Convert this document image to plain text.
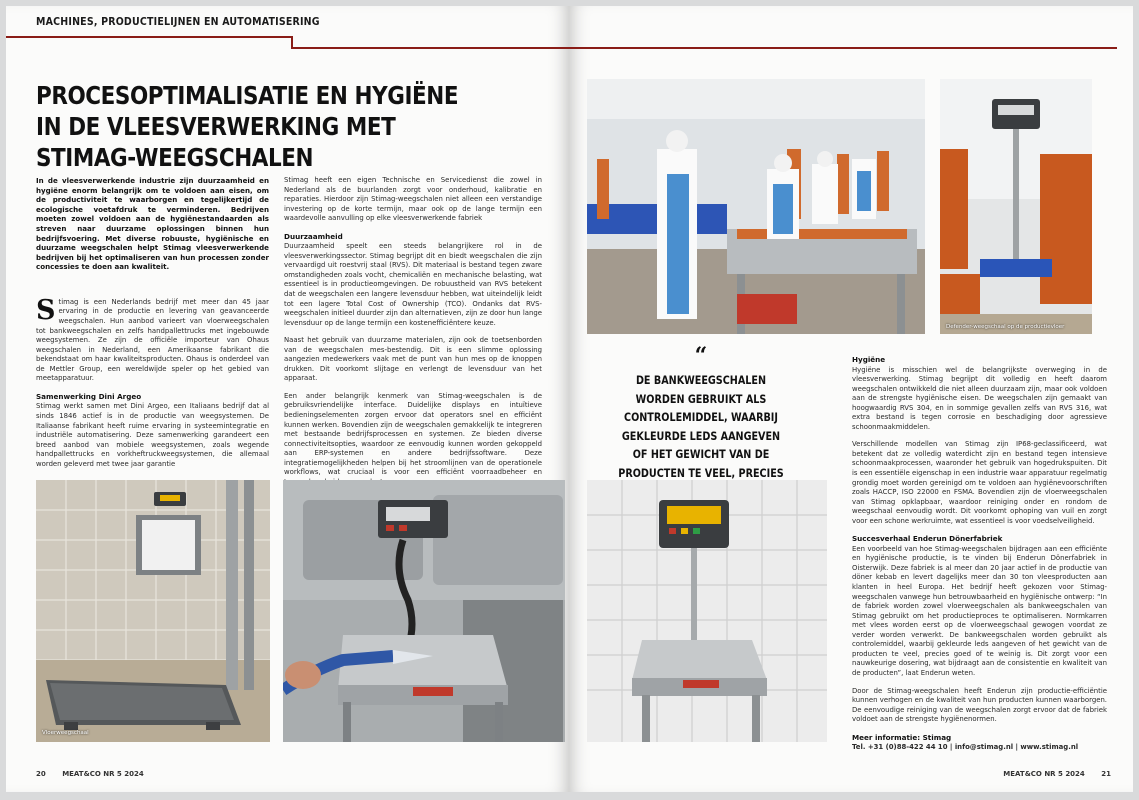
MACHINES, PRODUCTIELIJNEN EN AUTOMATISERING
PROCESOPTIMALISATIE EN HYGIËNE IN DE VLEESVERWERKING MET STIMAG-WEEGSCHALEN

In de vleesverwerkende industrie zijn duurzaamheid en hygiëne enorm belangrijk om te voldoen aan eisen, om de productiviteit te waarborgen en tegelijkertijd de ecologische voetafdruk te verminderen. Bedrijven moeten zowel voldoen aan de hygiënestandaarden als streven naar duurzame oplossingen binnen hun bedrijfsvoering. Met diverse robuuste, hygiënische en duurzame weegschalen helpt Stimag vleesverwerkende bedrijven bij het optimaliseren van hun processen zonder concessies te doen aan kwaliteit.

Stimag is een Nederlands bedrijf met meer dan 45 jaar ervaring in de productie en levering van geavanceerde weegschalen. Hun aanbod varieert van vloerweegschalen tot bankweegschalen en zelfs handpallettrucks met ingebouwde weegsystemen. Ze zijn de officiële importeur van Ohaus weegschalen in Nederland, een Amerikaanse fabrikant die bekendstaat om haar kwaliteitsproducten. Ohaus is onderdeel van de Mettler Group, een wereldwijde speler op het gebied van meetapparatuur.

Samenwerking Dini Argeo

Stimag werkt samen met Dini Argeo, een Italiaans bedrijf dat al sinds 1846 actief is in de productie van weegsystemen. De Italiaanse fabrikant heeft ruime ervaring in systeemintegratie en industriële automatisering. Deze samenwerking garandeert een breed aanbod van mobiele weegsystemen, zoals wegende handpallettrucks en vorkheftruckweegsystemen, die allemaal worden geleverd met twee jaar garantie

Stimag heeft een eigen Technische en Servicedienst die zowel in Nederland als de buurlanden zorgt voor onderhoud, kalibratie en reparaties. Hierdoor zijn Stimag-weegschalen niet alleen een verstandige investering op de korte termijn, maar ook op de lange termijn een waardevolle aanvulling op elke vleesverwerkende fabriek

Duurzaamheid

Duurzaamheid speelt een steeds belangrijkere rol in de vleesverwerkingssector. Stimag begrijpt dit en biedt weegschalen die zijn vervaardigd uit roestvrij staal (RVS). Dit materiaal is bestand tegen zware omstandigheden zoals vocht, chemicaliën en mechanische belasting, wat essentieel is in productieomgevingen. De robuustheid van RVS betekent dat de weegschalen een langere levensduur hebben, wat uiteindelijk leidt tot een lagere Total Cost of Ownership (TCO). Ondanks dat RVS-weegschalen initieel duurder zijn dan alternatieven, zijn ze door hun lange levensduur op de lange termijn een kostenefficiëntere keuze.

Naast het gebruik van duurzame materialen, zijn ook de toetsenborden van de weegschalen mes-bestendig. Dit is een slimme oplossing aangezien medewerkers vaak met de punt van hun mes op de knoppen drukken. Dit voorkomt slijtage en verlengt de levensduur van het apparaat.

Een ander belangrijk kenmerk van Stimag-weegschalen is de gebruiksvriendelijke interface. Duidelijke displays en intuïtieve bedieningselementen zorgen ervoor dat operators snel en efficiënt kunnen werken. Bovendien zijn de weegschalen gemakkelijk te integreren met bestaande bedrijfsprocessen en systemen. Ze bieden diverse connectiviteitsopties, waardoor ze eenvoudig kunnen worden gekoppeld aan ERP-systemen en andere bedrijfssoftware. Deze integratiemogelijkheden helpen bij het stroomlijnen van de operationele workflows, wat cruciaal is voor een efficiënt voorraadbeheer en

Vloerweegschaal
20 MEAT&CO NR 5 2024
Defender-weegschaal op de productievloer
“
DE BANKWEEGSCHALEN WORDEN GEBRUIKT ALS CONTROLEMIDDEL, WAARBIJ GEKLEURDE LEDS AANGEVEN OF HET GEWICHT VAN DE PRODUCTEN TE VEEL, PRECIES
Hygiëne

Hygiëne is misschien wel de belangrijkste overweging in de vleesverwerking. Stimag begrijpt dit volledig en heeft daarom weegschalen ontwikkeld die niet alleen duurzaam zijn, maar ook voldoen aan de strengste hygiënische eisen. De weegschalen zijn gemaakt van hoogwaardig RVS 304, en in sommige gevallen zelfs van RVS 316, wat extra bestand is tegen corrosie en beschadiging door agressieve schoonmaakmiddelen.

Verschillende modellen van Stimag zijn IP68-geclassificeerd, wat betekent dat ze volledig waterdicht zijn en bestand tegen intensieve schoonmaakprocessen, waaronder het gebruik van hogedrukspuiten. Dit is een essentiële eigenschap in een industrie waar apparatuur regelmatig grondig moet worden gereinigd om te voldoen aan hygiënevoorschriften zoals HACCP, ISO 22000 en FSMA. Bovendien zijn de vloerweegschalen van Stimag opklapbaar, waardoor reiniging onder en rondom de weegschaal eenvoudig wordt. Dit voorkomt ophoping van vuil en zorgt voor een schone werkruimte, wat essentieel is voor voedselveiligheid.

Succesverhaal Enderun Dönerfabriek

Een voorbeeld van hoe Stimag-weegschalen bijdragen aan een efficiënte en hygiënische productie, is te vinden bij Enderun Dönerfabriek in Oisterwijk. Deze fabriek is al meer dan 20 jaar actief in de productie van döner kebab en levert dagelijks meer dan 30 ton vleesproducten aan klanten in heel Europa. Het bedrijf heeft gekozen voor Stimag-weegschalen vanwege hun betrouwbaarheid en hygiënische ontwerp: “In de fabriek worden zowel vloerweegschalen als bankweegschalen van Stimag gebruikt om het productieproces te optimaliseren. Normkarren met vlees worden eerst op de vloerweegschaal gewogen voordat ze verder worden verwerkt. De bankweegschalen worden gebruikt als controlemiddel, waarbij gekleurde leds aangeven of het gewicht van de producten te veel, precies goed of te weinig is. Dit zorgt voor een nauwkeurige dosering, wat bijdraagt aan de consistentie en kwaliteit van de producten”, laat Enderun weten.

Door de Stimag-weegschalen heeft Enderun zijn productie-efficiëntie kunnen verhogen en de kwaliteit van hun producten kunnen waarborgen. De eenvoudige reiniging van de weegschalen zorgt ervoor dat de fabriek voldoet aan de strengste hygiënenormen.

Meer informatie: Stimag

Tel. +31 (0)88-422 44 10 | info@stimag.nl | www.stimag.nl

MEAT&CO NR 5 2024 21
